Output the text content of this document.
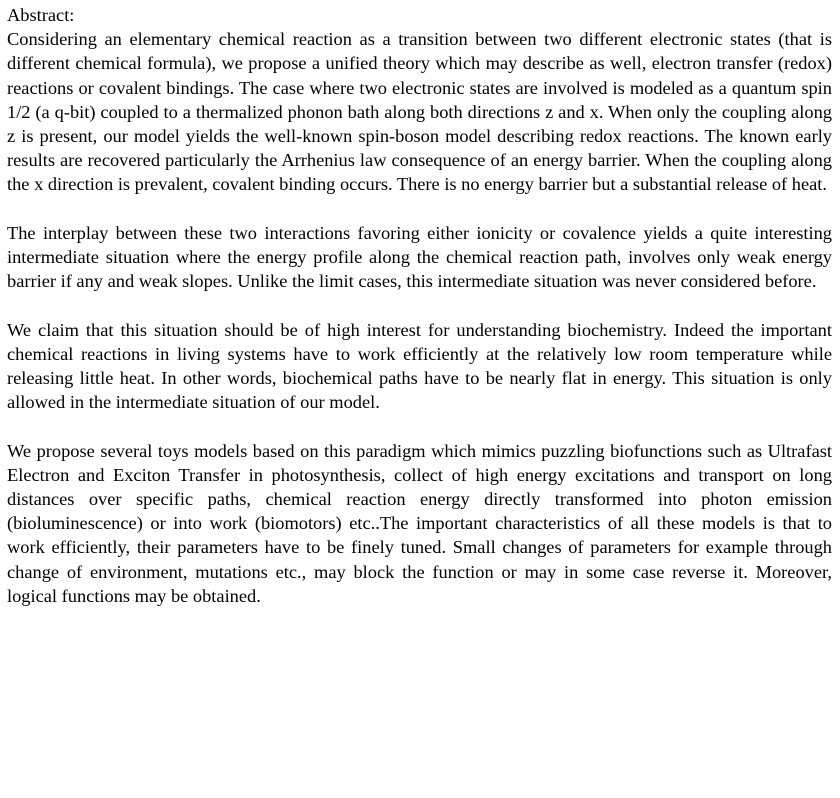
Abstract:

Considering an elementary chemical reaction as a transition between two different electronic states (that is different chemical formula), we propose a unified theory which may describe as well, electron transfer (redox) reactions or covalent bindings. The case where two electronic states are involved is modeled as a quantum spin 1/2 (a q-bit) coupled to a thermalized phonon bath along both directions z and x. When only the coupling along z is present, our model yields the well-known spin-boson model describing redox reactions. The known early results are recovered particularly the Arrhenius law consequence of an energy barrier. When the coupling along the x direction is prevalent, covalent binding occurs. There is no energy barrier but a substantial release of heat.

The interplay between these two interactions favoring either ionicity or covalence yields a quite interesting intermediate situation where the energy profile along the chemical reaction path, involves only weak energy barrier if any and weak slopes. Unlike the limit cases, this intermediate situation was never considered before.

We claim that this situation should be of high interest for understanding biochemistry. Indeed the important chemical reactions in living systems have to work efficiently at the relatively low room temperature while releasing little heat. In other words, biochemical paths have to be nearly flat in energy. This situation is only allowed in the intermediate situation of our model.

We propose several toys models based on this paradigm which mimics puzzling biofunctions such as Ultrafast Electron and Exciton Transfer in photosynthesis, collect of high energy excitations and transport on long distances over specific paths, chemical reaction energy directly transformed into photon emission (bioluminescence) or into work (biomotors) etc..The important characteristics of all these models is that to work efficiently, their parameters have to be finely tuned. Small changes of parameters for example through change of environment, mutations etc., may block the function or may in some case reverse it. Moreover, logical functions may be obtained.
